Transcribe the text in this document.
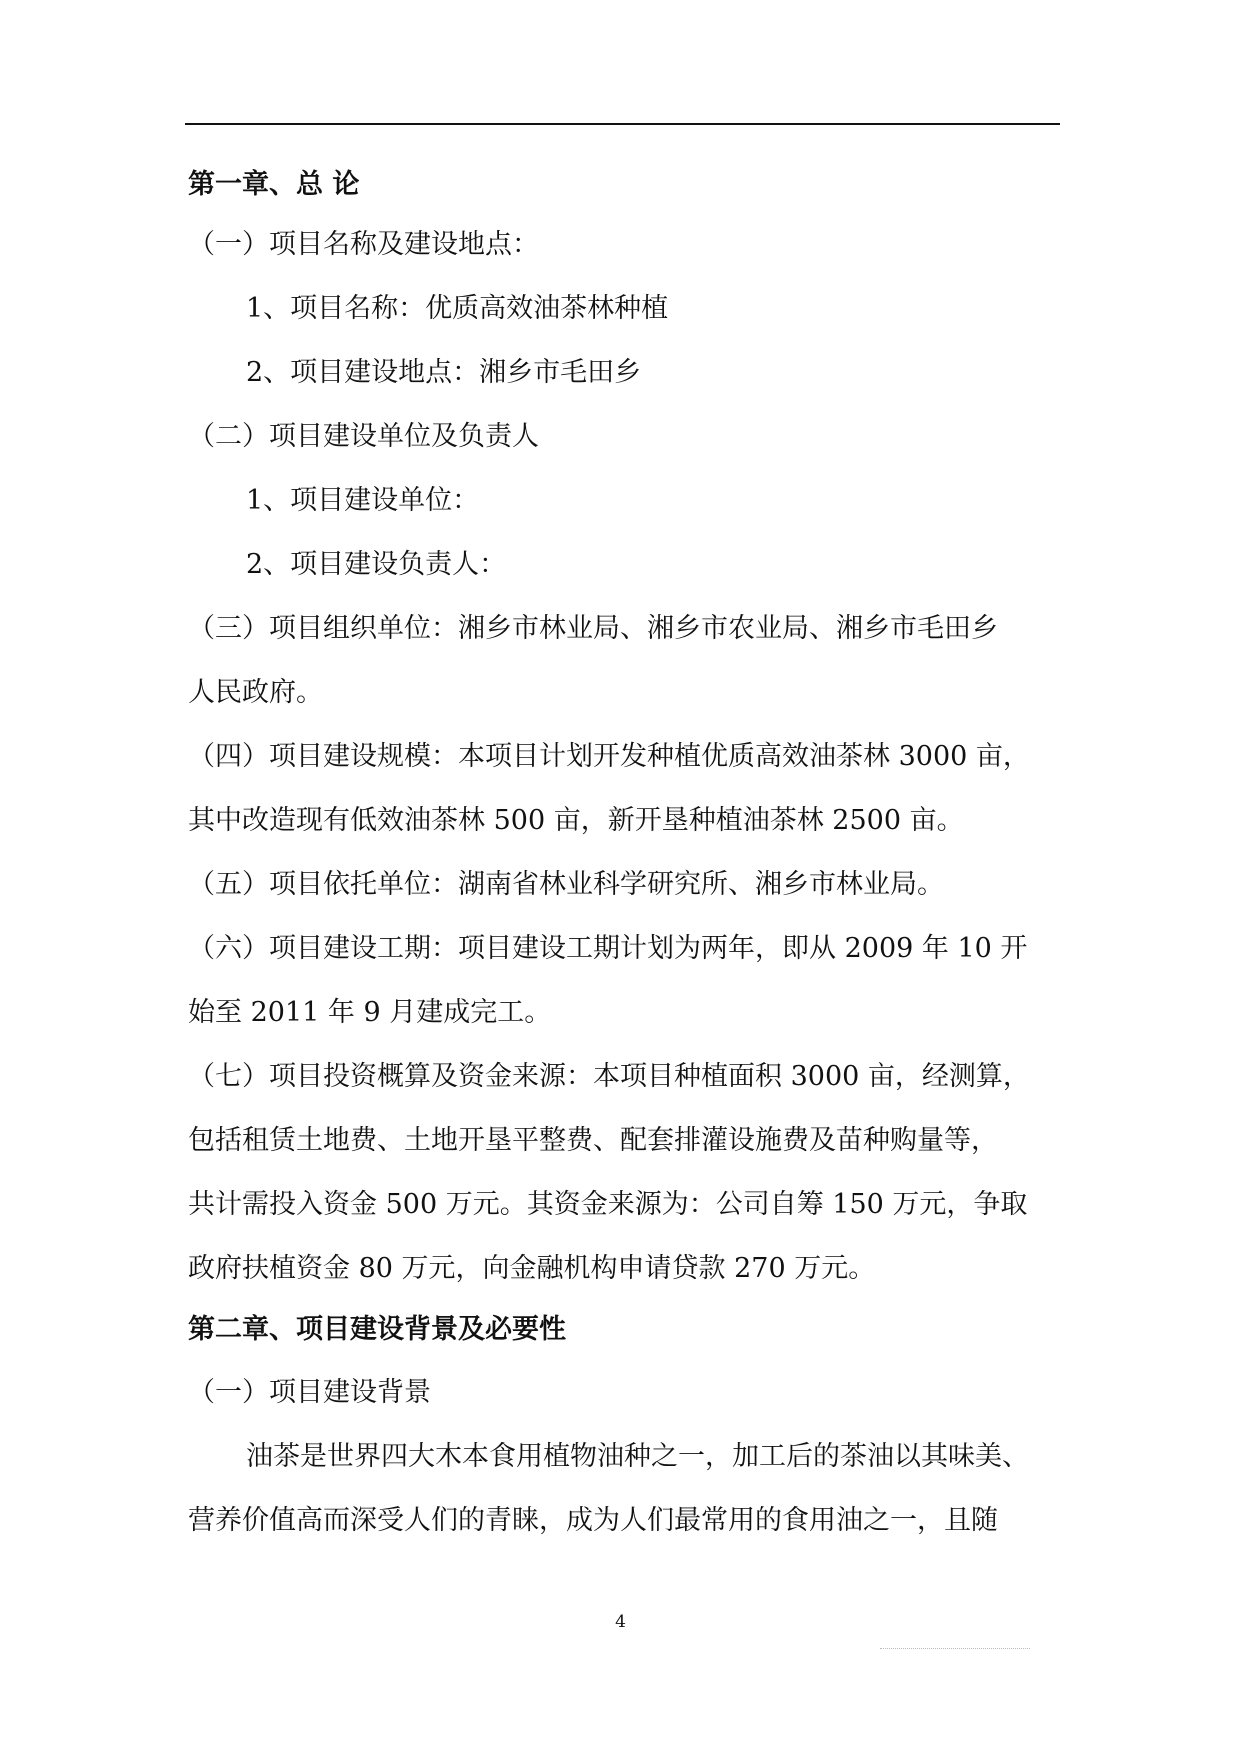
第一章、总 论
（一）项目名称及建设地点：
1、项目名称：优质高效油茶林种植
2、项目建设地点：湘乡市毛田乡
（二）项目建设单位及负责人
1、项目建设单位：
2、项目建设负责人：
（三）项目组织单位：湘乡市林业局、湘乡市农业局、湘乡市毛田乡
人民政府。
（四）项目建设规模：本项目计划开发种植优质高效油茶林 3000 亩，
其中改造现有低效油茶林 500 亩，新开垦种植油茶林 2500 亩。
（五）项目依托单位：湖南省林业科学研究所、湘乡市林业局。
（六）项目建设工期：项目建设工期计划为两年，即从 2009 年 10 开
始至 2011 年 9 月建成完工。
（七）项目投资概算及资金来源：本项目种植面积 3000 亩，经测算，
包括租赁土地费、土地开垦平整费、配套排灌设施费及苗种购量等，
共计需投入资金 500 万元。其资金来源为：公司自筹 150 万元，争取
政府扶植资金 80 万元，向金融机构申请贷款 270 万元。
第二章、项目建设背景及必要性
（一）项目建设背景
油茶是世界四大木本食用植物油种之一，加工后的茶油以其味美、
营养价值高而深受人们的青睐，成为人们最常用的食用油之一，且随
4
